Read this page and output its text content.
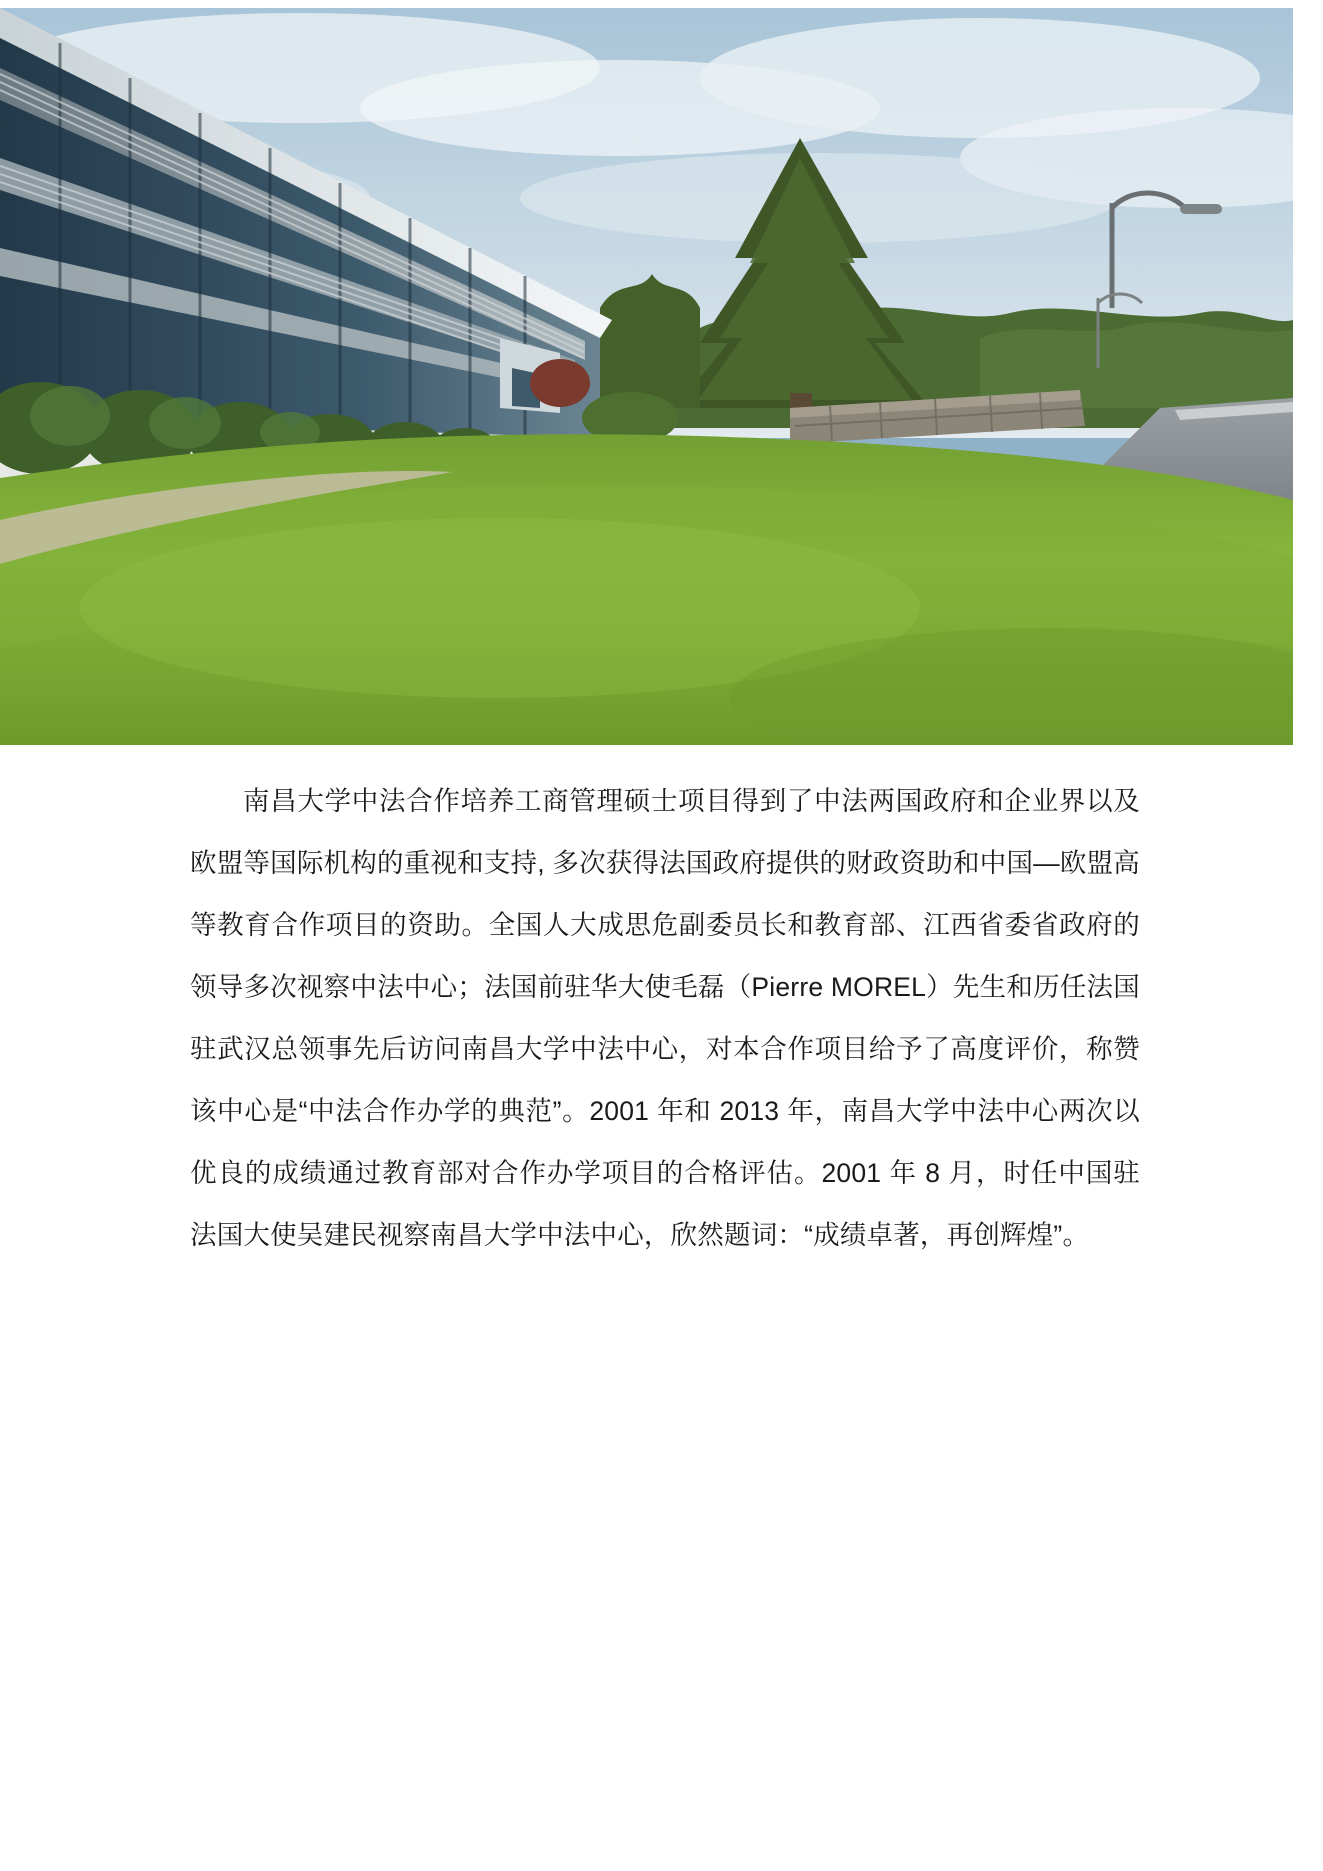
南昌大学中法合作培养工商管理硕士项目得到了中法两国政府和企业界以及欧盟等国际机构的重视和支持, 多次获得法国政府提供的财政资助和中国—欧盟高等教育合作项目的资助。全国人大成思危副委员长和教育部、江西省委省政府的领导多次视察中法中心；法国前驻华大使毛磊（Pierre MOREL）先生和历任法国驻武汉总领事先后访问南昌大学中法中心，对本合作项目给予了高度评价，称赞该中心是“中法合作办学的典范”。2001 年和 2013 年，南昌大学中法中心两次以优良的成绩通过教育部对合作办学项目的合格评估。2001 年 8 月，时任中国驻法国大使吴建民视察南昌大学中法中心，欣然题词：“成绩卓著，再创辉煌”。
